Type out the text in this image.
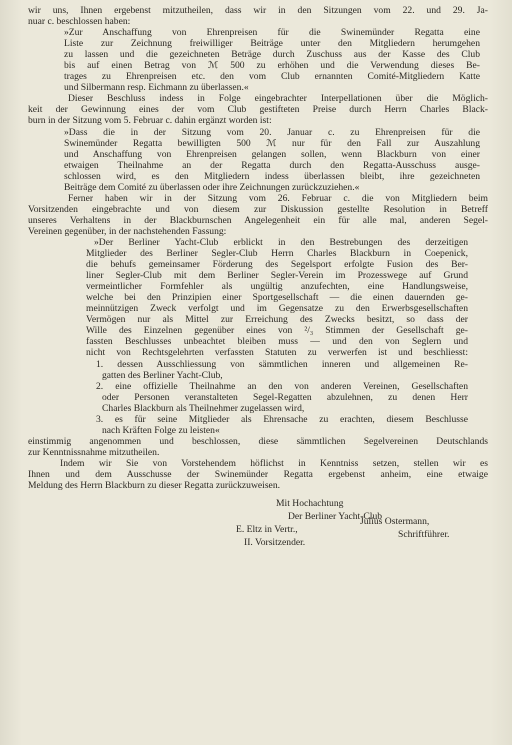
wir uns, Ihnen ergebenst mitzutheilen, dass wir in den Sitzungen vom 22. und 29. Ja-
nuar c. beschlossen haben:
»Zur Anschaffung von Ehrenpreisen für die Swinemünder Regatta eine
Liste zur Zeichnung freiwilliger Beiträge unter den Mitgliedern herumgehen
zu lassen und die gezeichneten Beträge durch Zuschuss aus der Kasse des Club
bis auf einen Betrag von ℳ 500 zu erhöhen und die Verwendung dieses Be-
trages zu Ehrenpreisen etc. den vom Club ernannten Comité-Mitgliedern Katte
und Silbermann resp. Eichmann zu überlassen.«
Dieser Beschluss indess in Folge eingebrachter Interpellationen über die Möglich-
keit der Gewinnung eines der vom Club gestifteten Preise durch Herrn Charles Black-
burn in der Sitzung vom 5. Februar c. dahin ergänzt worden ist:
»Dass die in der Sitzung vom 20. Januar c. zu Ehrenpreisen für die
Swinemünder Regatta bewilligten 500 ℳ nur für den Fall zur Auszahlung
und Anschaffung von Ehrenpreisen gelangen sollen, wenn Blackburn von einer
etwaigen Theilnahme an der Regatta durch den Regatta-Ausschuss ausge-
schlossen wird, es den Mitgliedern indess überlassen bleibt, ihre gezeichneten
Beiträge dem Comité zu überlassen oder ihre Zeichnungen zurückzuziehen.«
Ferner haben wir in der Sitzung vom 26. Februar c. die von Mitgliedern beim
Vorsitzenden eingebrachte und von diesem zur Diskussion gestellte Resolution in Betreff
unseres Verhaltens in der Blackburnschen Angelegenheit ein für alle mal, anderen Segel-
Vereinen gegenüber, in der nachstehenden Fassung:
»Der Berliner Yacht-Club erblickt in den Bestrebungen des derzeitigen
Mitglieder des Berliner Segler-Club Herrn Charles Blackburn in Coepenick,
die behufs gemeinsamer Förderung des Segelsport erfolgte Fusion des Ber-
liner Segler-Club mit dem Berliner Segler-Verein im Prozesswege auf Grund
vermeintlicher Formfehler als ungültig anzufechten, eine Handlungsweise,
welche bei den Prinzipien einer Sportgesellschaft — die einen dauernden ge-
meinnützigen Zweck verfolgt und im Gegensatze zu den Erwerbsgesellschaften
Vermögen nur als Mittel zur Erreichung des Zwecks besitzt, so dass der
Wille des Einzelnen gegenüber eines von ²/₃ Stimmen der Gesellschaft ge-
fassten Beschlusses unbeachtet bleiben muss — und den von Seglern und
nicht von Rechtsgelehrten verfassten Statuten zu verwerfen ist und beschliesst:
1. dessen Ausschliessung von sämmtlichen inneren und allgemeinen Re-
gatten des Berliner Yacht-Club,
2. eine offizielle Theilnahme an den von anderen Vereinen, Gesellschaften
oder Personen veranstalteten Segel-Regatten abzulehnen, zu denen Herr
Charles Blackburn als Theilnehmer zugelassen wird,
3. es für seine Mitglieder als Ehrensache zu erachten, diesem Beschlusse
nach Kräften Folge zu leisten«
einstimmig angenommen und beschlossen, diese sämmtlichen Segelvereinen Deutschlands
zur Kenntnissnahme mitzutheilen.
Indem wir Sie von Vorstehendem höflichst in Kenntniss setzen, stellen wir es
Ihnen und dem Ausschusse der Swinemünder Regatta ergebenst anheim, eine etwaige
Meldung des Herrn Blackburn zu dieser Regatta zurückzuweisen.
Mit Hochachtung
Der Berliner Yacht-Club
E. Eltz in Vertr.,
II. Vorsitzender.
Julius Ostermann,
Schriftführer.
